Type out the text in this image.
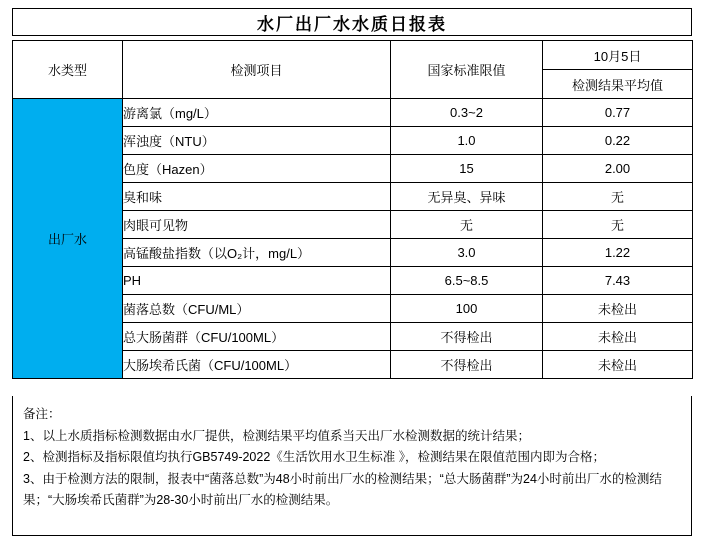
水厂出厂水水质日报表
水类型	检测项目	国家标准限值	10月5日
			检测结果平均值
出厂水	游离氯（mg/L）	0.3~2	0.77
	浑浊度（NTU）	1.0	0.22
	色度（Hazen）	15	2.00
	臭和味	无异臭、异味	无
	肉眼可见物	无	无
	高锰酸盐指数（以O₂计，mg/L）	3.0	1.22
	PH	6.5~8.5	7.43
	菌落总数（CFU/ML）	100	未检出
	总大肠菌群（CFU/100ML）	不得检出	未检出
	大肠埃希氏菌（CFU/100ML）	不得检出	未检出

备注：

1、以上水质指标检测数据由水厂提供，检测结果平均值系当天出厂水检测数据的统计结果；

2、检测指标及指标限值均执行GB5749-2022《生活饮用水卫生标准 》，检测结果在限值范围内即为合格；

3、由于检测方法的限制，报表中“菌落总数”为48小时前出厂水的检测结果；“总大肠菌群”为24小时前出厂水的检测结果；“大肠埃希氏菌群”为28-30小时前出厂水的检测结果。
